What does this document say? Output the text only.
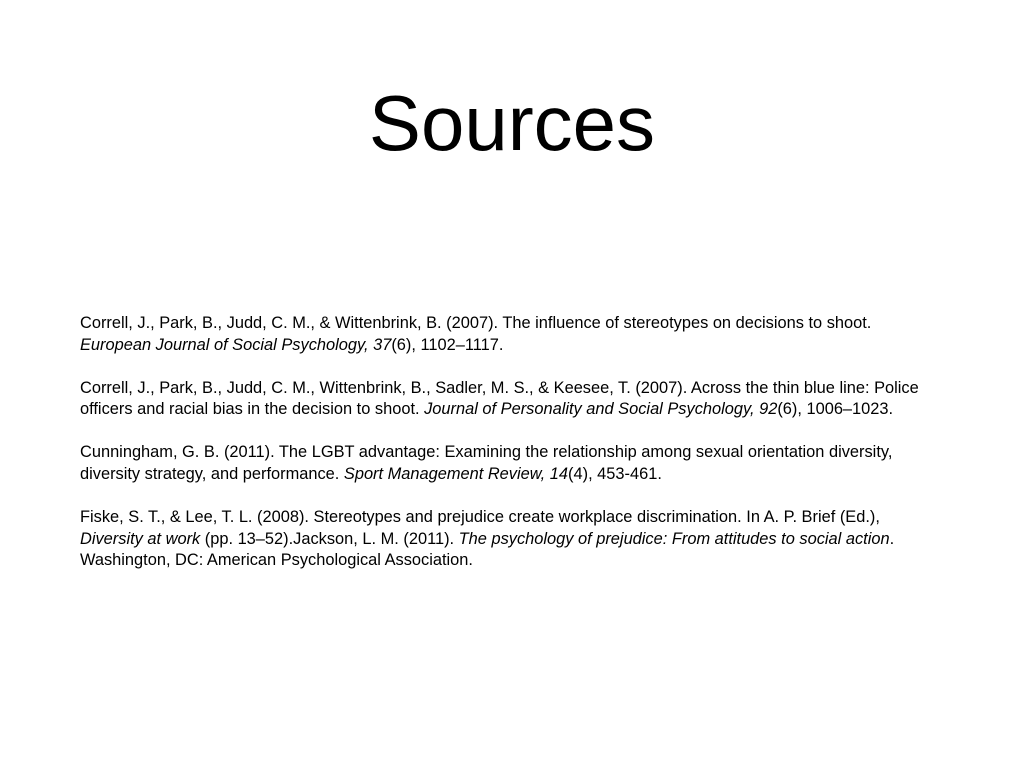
Sources

Correll, J., Park, B., Judd, C. M., & Wittenbrink, B. (2007). The influence of stereotypes on decisions to shoot. European Journal of Social Psychology, 37(6), 1102–1117.

Correll, J., Park, B., Judd, C. M., Wittenbrink, B., Sadler, M. S., & Keesee, T. (2007). Across the thin blue line: Police officers and racial bias in the decision to shoot. Journal of Personality and Social Psychology, 92(6), 1006–1023.

Cunningham, G. B. (2011). The LGBT advantage: Examining the relationship among sexual orientation diversity, diversity strategy, and performance. Sport Management Review, 14(4), 453-461.

Fiske, S. T., & Lee, T. L. (2008). Stereotypes and prejudice create workplace discrimination. In A. P. Brief (Ed.), Diversity at work (pp. 13–52).Jackson, L. M. (2011). The psychology of prejudice: From attitudes to social action. Washington, DC: American Psychological Association.
